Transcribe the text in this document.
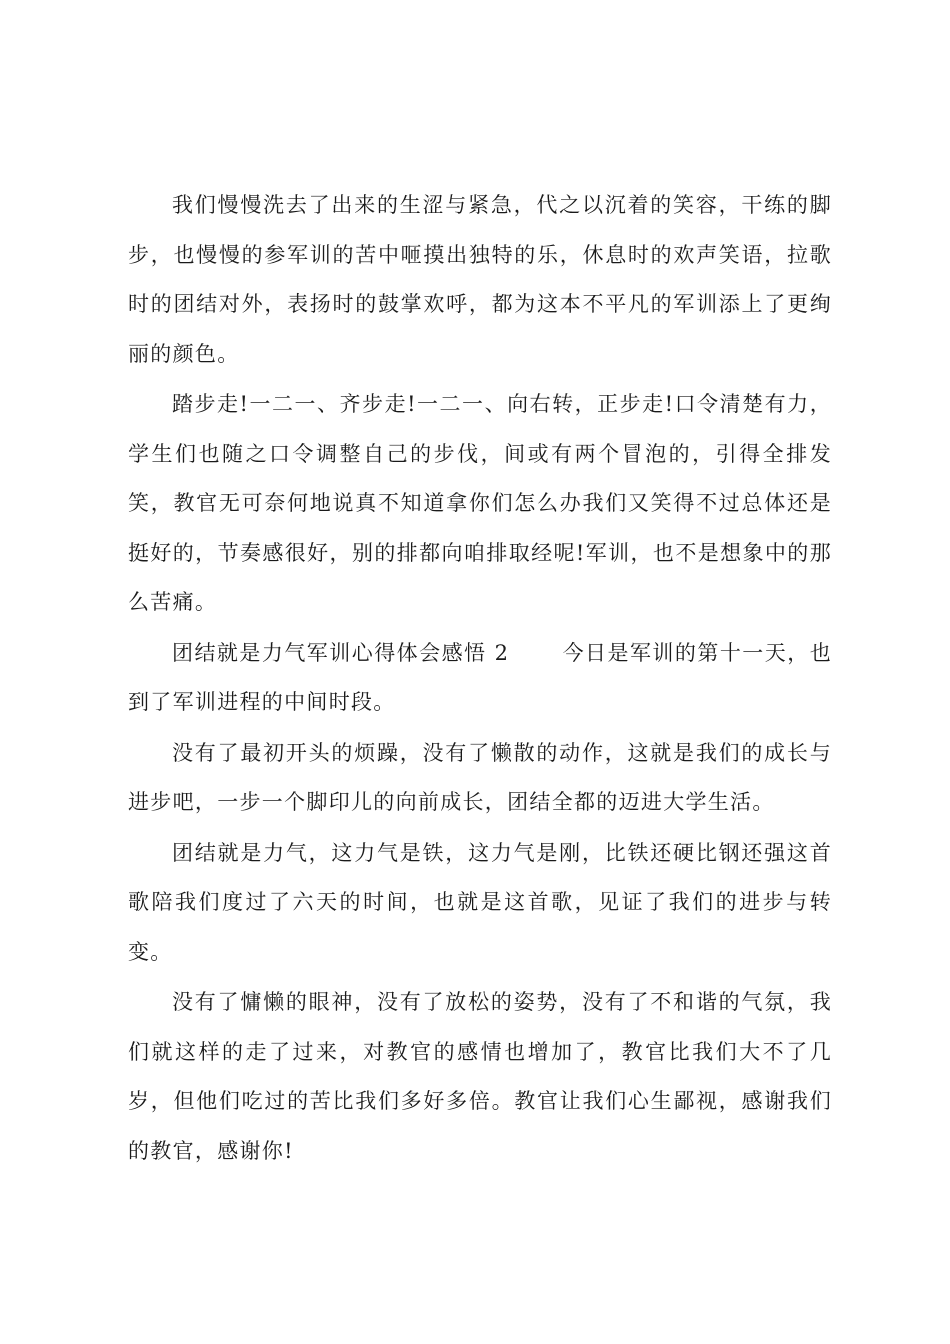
我们慢慢洗去了出来的生涩与紧急，代之以沉着的笑容，干练的脚步，也慢慢的参军训的苦中咂摸出独特的乐，休息时的欢声笑语，拉歌时的团结对外，表扬时的鼓掌欢呼，都为这本不平凡的军训添上了更绚丽的颜色。

踏步走!一二一、齐步走!一二一、向右转，正步走!口令清楚有力，学生们也随之口令调整自己的步伐，间或有两个冒泡的，引得全排发笑，教官无可奈何地说真不知道拿你们怎么办我们又笑得不过总体还是挺好的，节奏感很好，别的排都向咱排取经呢!军训，也不是想象中的那么苦痛。

团结就是力气军训心得体会感悟 2　　 今日是军训的第十一天，也到了军训进程的中间时段。

没有了最初开头的烦躁，没有了懒散的动作，这就是我们的成长与进步吧，一步一个脚印儿的向前成长，团结全都的迈进大学生活。

团结就是力气，这力气是铁，这力气是刚，比铁还硬比钢还强这首歌陪我们度过了六天的时间，也就是这首歌，见证了我们的进步与转变。

没有了慵懒的眼神，没有了放松的姿势，没有了不和谐的气氛，我们就这样的走了过来，对教官的感情也增加了，教官比我们大不了几岁，但他们吃过的苦比我们多好多倍。教官让我们心生鄙视，感谢我们的教官，感谢你!
